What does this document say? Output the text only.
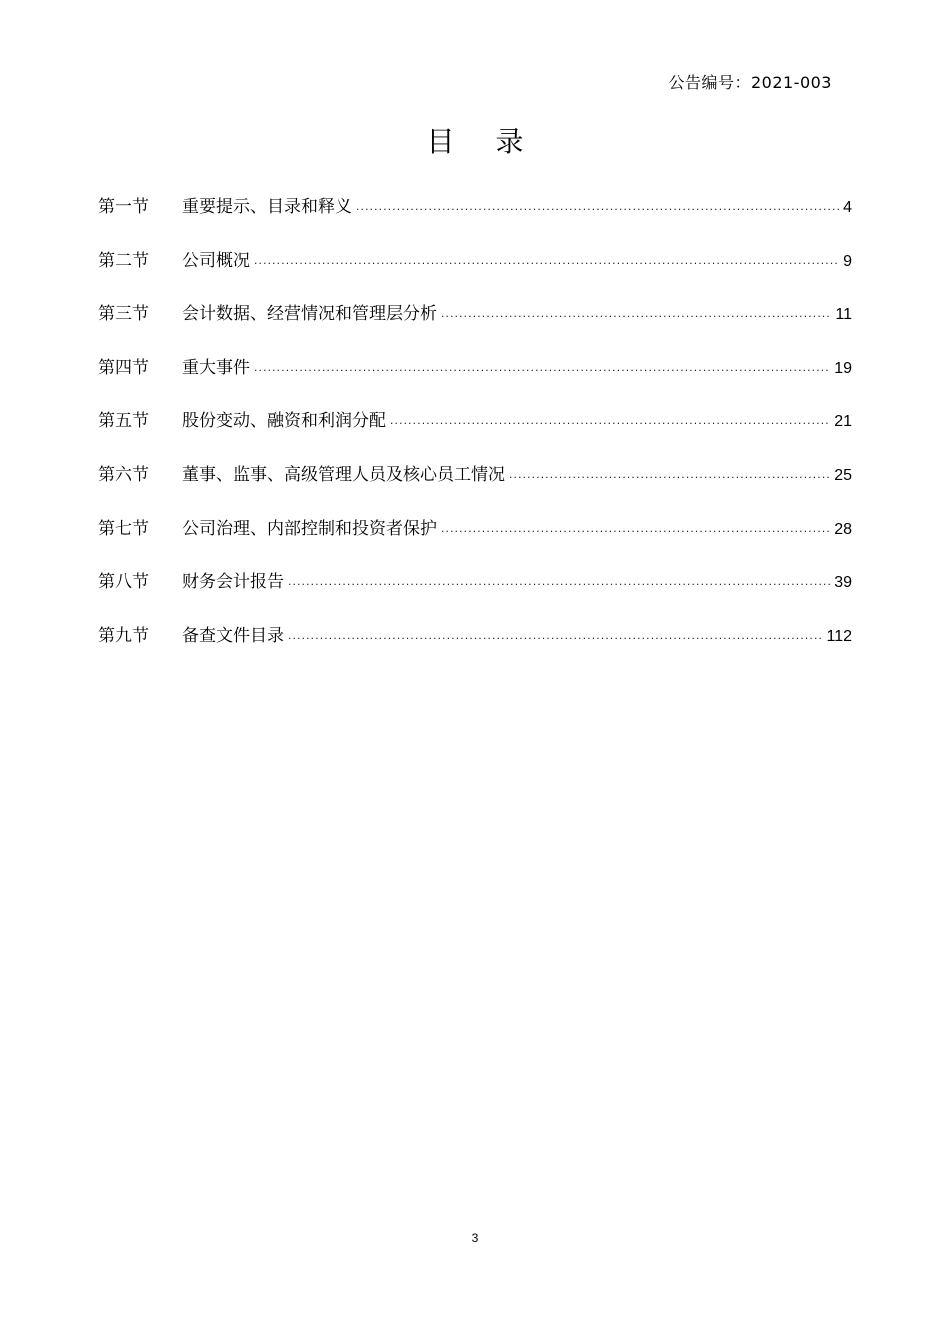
公告编号：2021-003
目 录
第一节	重要提示、目录和释义 .....	4
第二节	公司概况 .....	9
第三节	会计数据、经营情况和管理层分析 .....	11
第四节	重大事件 .....	19
第五节	股份变动、融资和利润分配 .....	21
第六节	董事、监事、高级管理人员及核心员工情况 .....	25
第七节	公司治理、内部控制和投资者保护 .....	28
第八节	财务会计报告 .....	39
第九节	备查文件目录 .....	112
3
